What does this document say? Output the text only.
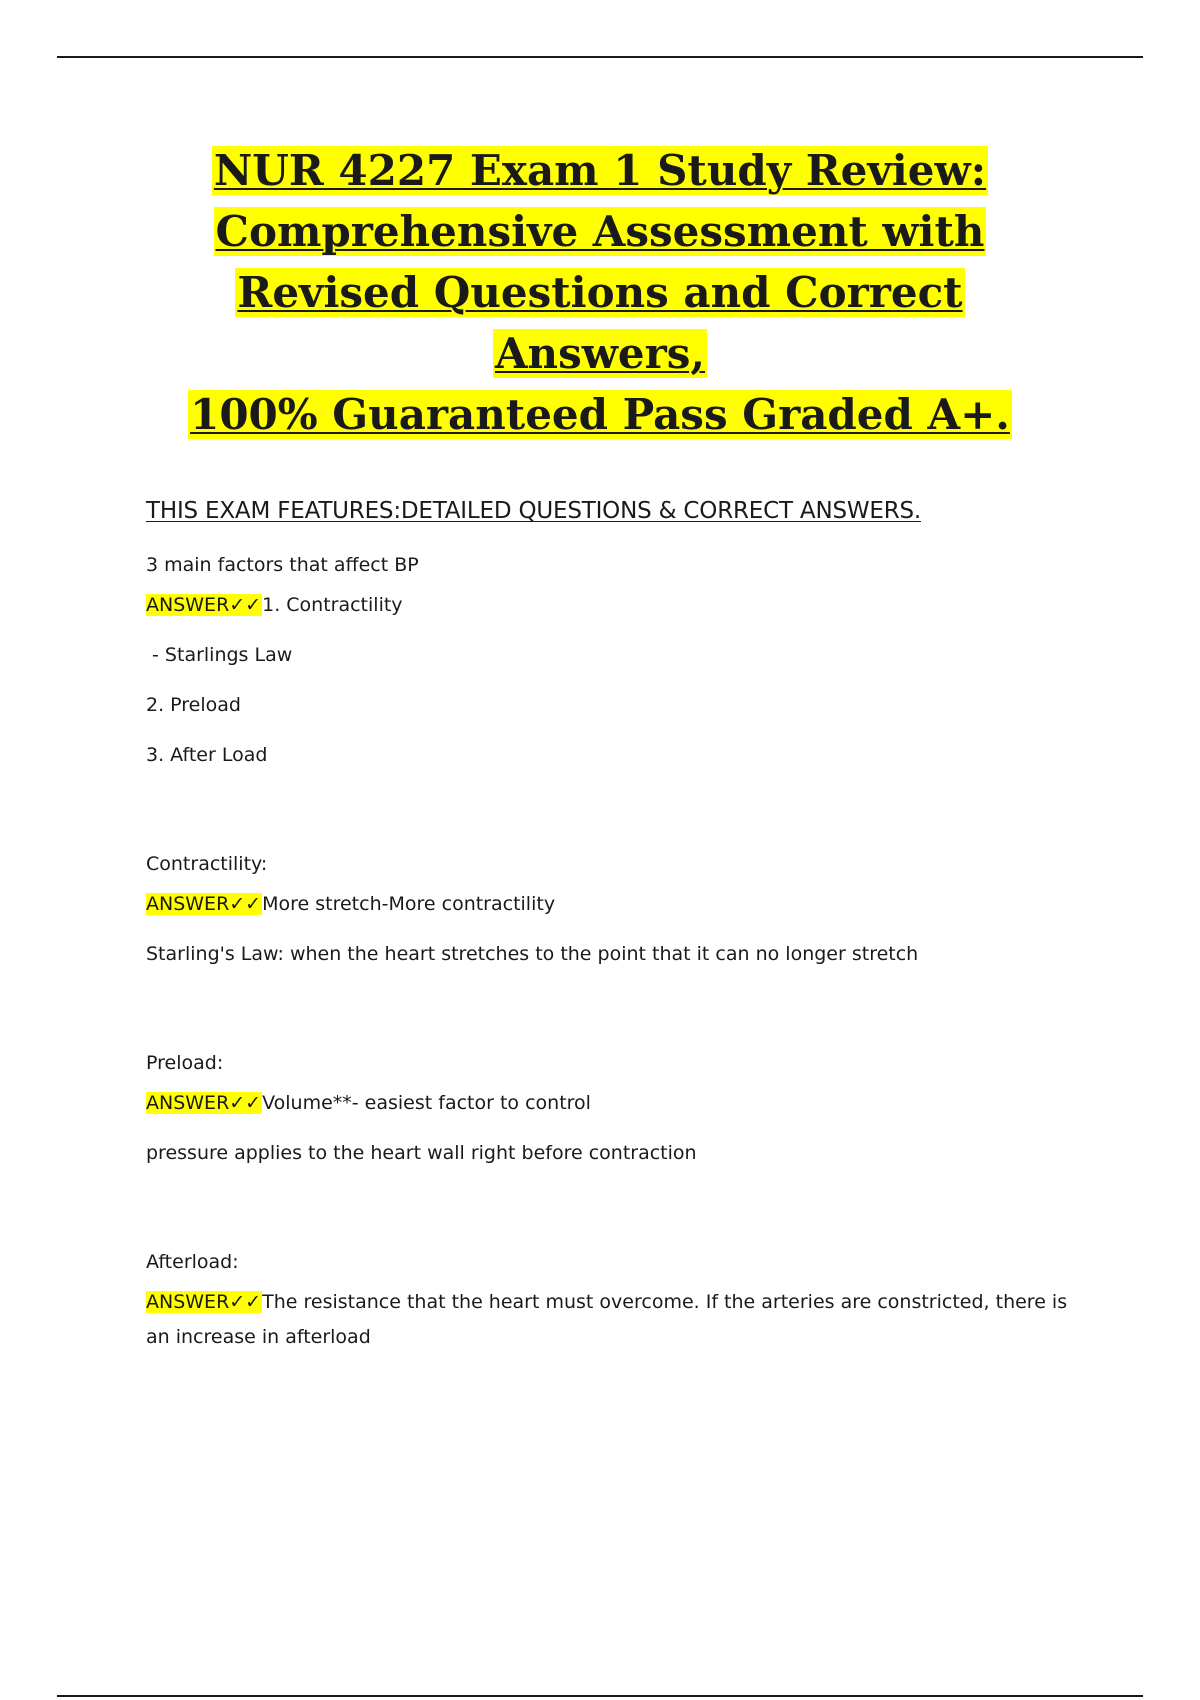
NUR 4227 Exam 1 Study Review:
Comprehensive Assessment with
Revised Questions and Correct
Answers,
100% Guaranteed Pass Graded A+.
THIS EXAM FEATURES:DETAILED QUESTIONS & CORRECT ANSWERS.
3 main factors that affect BP
ANSWER✓✓1. Contractility
- Starlings Law
2. Preload
3. After Load
Contractility:
ANSWER✓✓More stretch-More contractility
Starling's Law: when the heart stretches to the point that it can no longer stretch
Preload:
ANSWER✓✓Volume**- easiest factor to control
pressure applies to the heart wall right before contraction
Afterload:
ANSWER✓✓The resistance that the heart must overcome. If the arteries are constricted, there is an increase in afterload
